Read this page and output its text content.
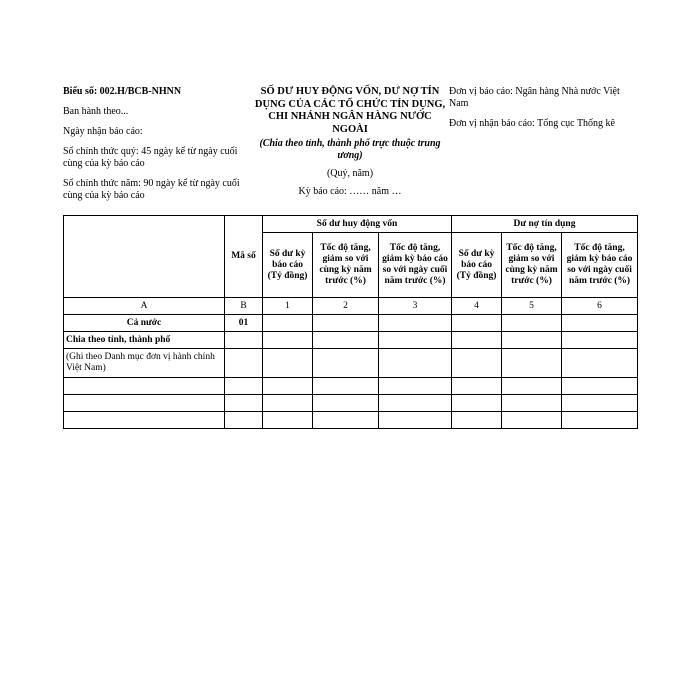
Biểu số: 002.H/BCB-NHNN

Ban hành theo...

Ngày nhận báo cáo:

Số chính thức quý: 45 ngày kể từ ngày cuối cùng của kỳ báo cáo

Số chính thức năm: 90 ngày kể từ ngày cuối cùng của kỳ báo cáo

SỐ DƯ HUY ĐỘNG VỐN, DƯ NỢ TÍN DỤNG CỦA CÁC TỔ CHỨC TÍN DỤNG, CHI NHÁNH NGÂN HÀNG NƯỚC NGOÀI

(Chia theo tỉnh, thành phố trực thuộc trung ương)

(Quý, năm)

Kỳ báo cáo: …… năm …

Đơn vị báo cáo: Ngân hàng Nhà nước Việt Nam

Đơn vị nhận báo cáo: Tổng cục Thống kê

	Mã số	Số dư huy động vốn			Dư nợ tín dụng		
		Số dư kỳ báo cáo (Tỷ đồng)	Tốc độ tăng, giảm so với cùng kỳ năm trước (%)	Tốc độ tăng, giảm kỳ báo cáo so với ngày cuối năm trước (%)	Số dư kỳ báo cáo (Tỷ đồng)	Tốc độ tăng, giảm so với cùng kỳ năm trước (%)	Tốc độ tăng, giảm kỳ báo cáo so với ngày cuối năm trước (%)
A	B	1	2	3	4	5	6
Cả nước	01						
Chia theo tỉnh, thành phố							
(Ghi theo Danh mục đơn vị hành chính Việt Nam)							
